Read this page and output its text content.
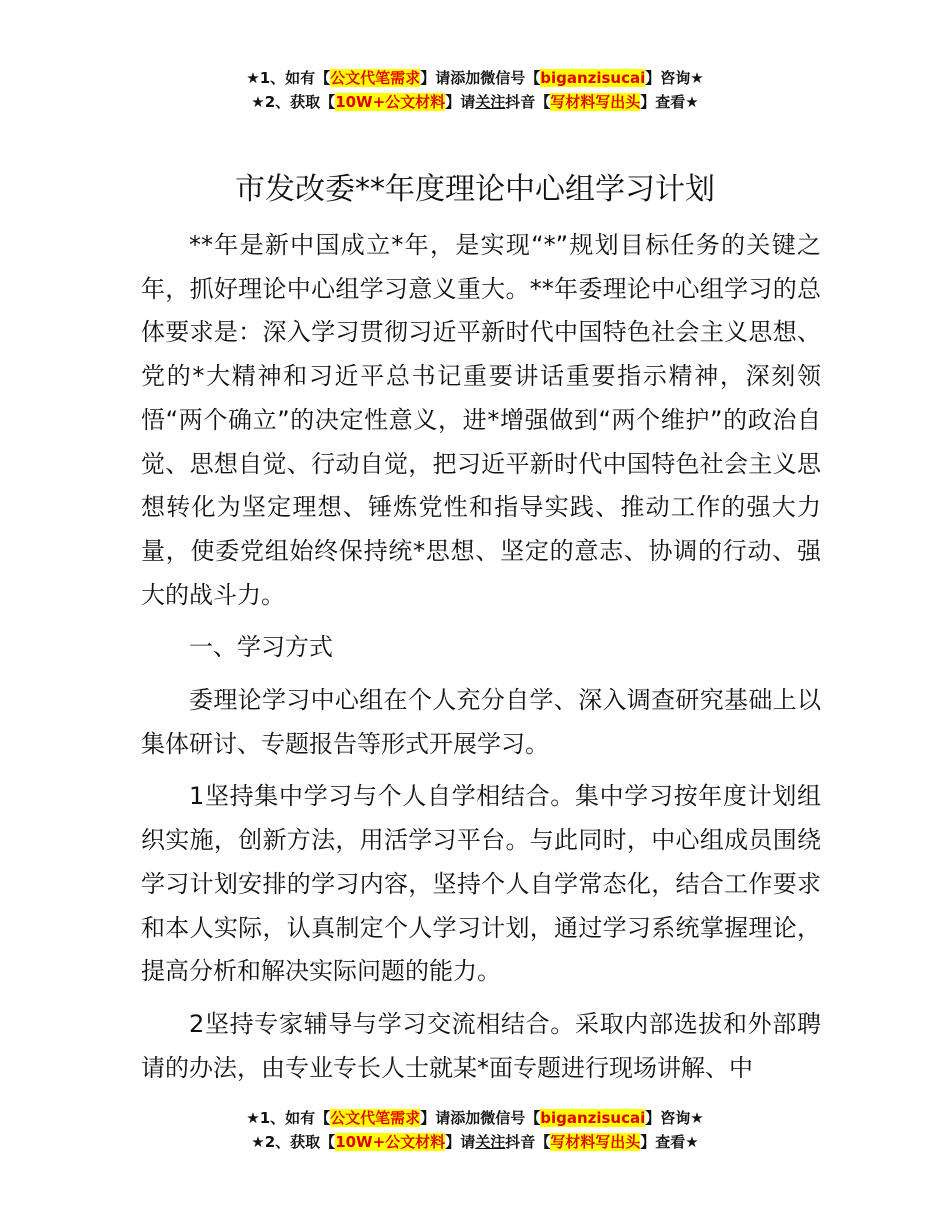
★1、如有【公文代笔需求】请添加微信号【biganzisucai】咨询★
★2、获取【10W+公文材料】请关注抖音【写材料写出头】查看★
市发改委**年度理论中心组学习计划

**年是新中国成立*年，是实现“*”规划目标任务的关键之年，抓好理论中心组学习意义重大。**年委理论中心组学习的总体要求是：深入学习贯彻习近平新时代中国特色社会主义思想、党的*大精神和习近平总书记重要讲话重要指示精神，深刻领悟“两个确立”的决定性意义，进*增强做到“两个维护”的政治自觉、思想自觉、行动自觉，把习近平新时代中国特色社会主义思想转化为坚定理想、锤炼党性和指导实践、推动工作的强大力量，使委党组始终保持统*思想、坚定的意志、协调的行动、强大的战斗力。

一、学习方式

委理论学习中心组在个人充分自学、深入调查研究基础上以集体研讨、专题报告等形式开展学习。

1坚持集中学习与个人自学相结合。集中学习按年度计划组织实施，创新方法，用活学习平台。与此同时，中心组成员围绕学习计划安排的学习内容，坚持个人自学常态化，结合工作要求和本人实际，认真制定个人学习计划，通过学习系统掌握理论，提高分析和解决实际问题的能力。

2坚持专家辅导与学习交流相结合。采取内部选拔和外部聘请的办法，由专业专长人士就某*面专题进行现场讲解、中

★1、如有【公文代笔需求】请添加微信号【biganzisucai】咨询★
★2、获取【10W+公文材料】请关注抖音【写材料写出头】查看★
